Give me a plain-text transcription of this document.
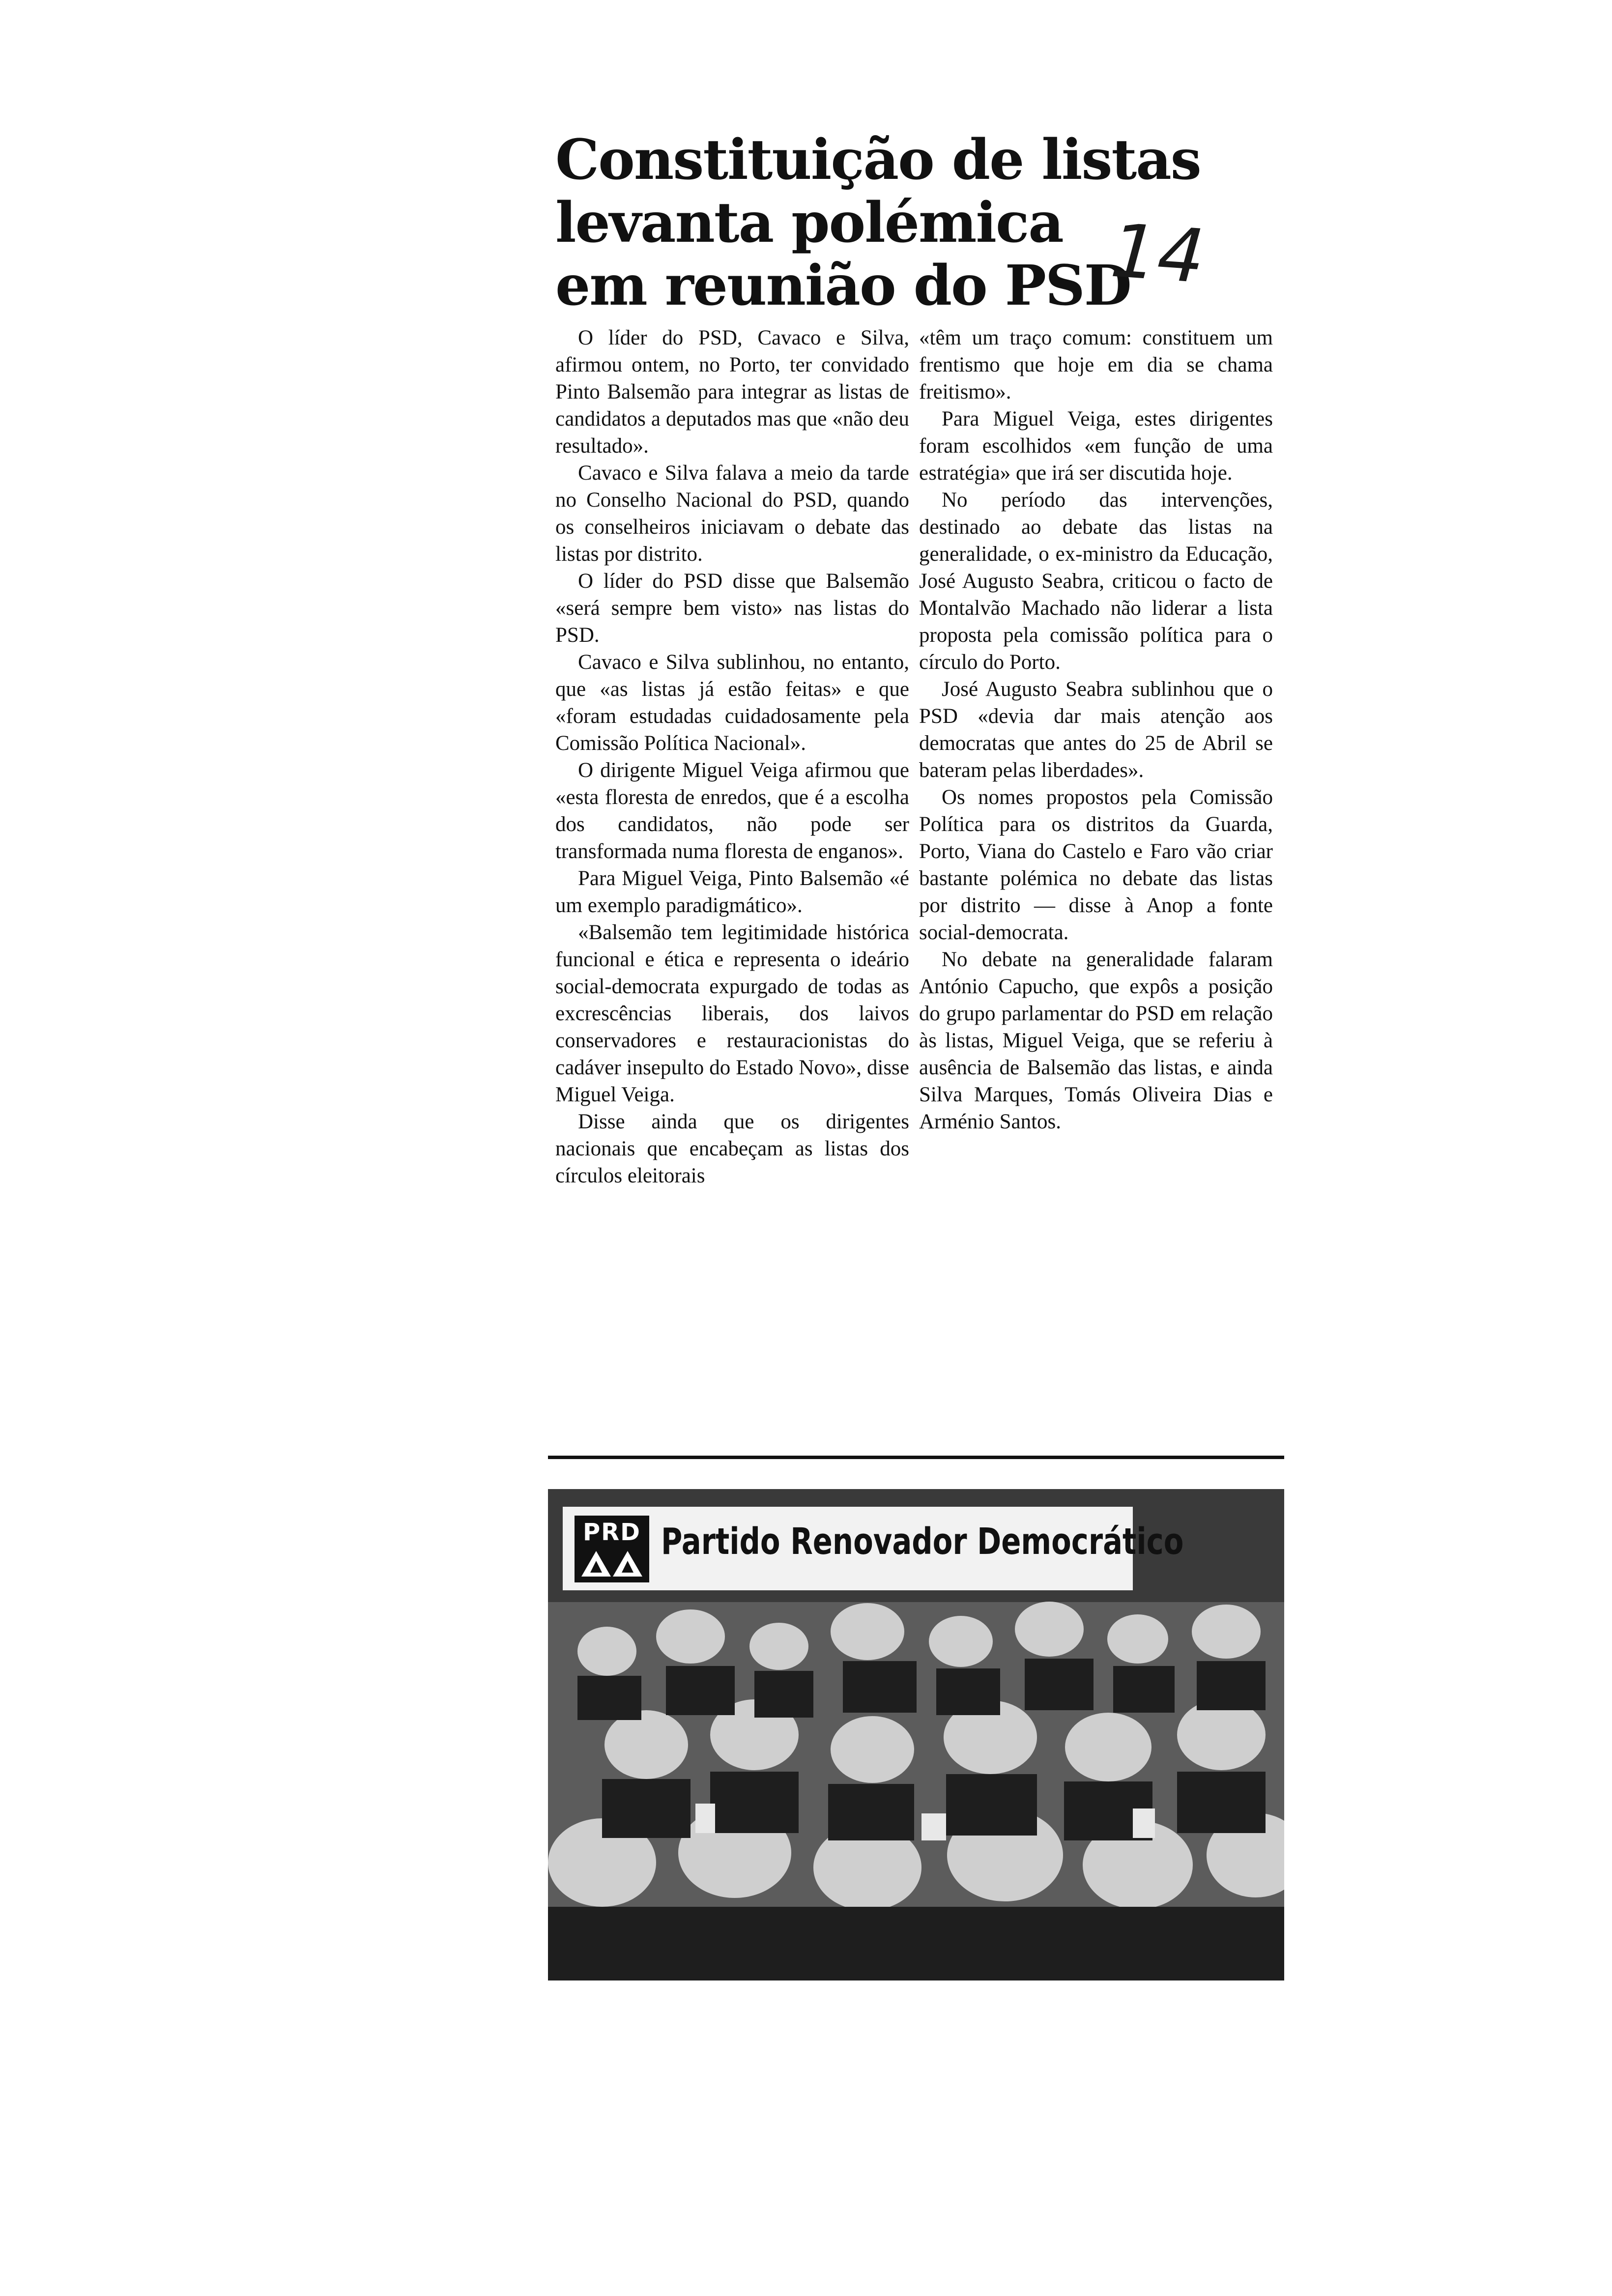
Constituição de listas
levanta polémica
em reunião do PSD
14

O líder do PSD, Cavaco e Silva, afirmou ontem, no Porto, ter convidado Pinto Balsemão para integrar as listas de candidatos a deputados mas que «não deu resultado».

Cavaco e Silva falava a meio da tarde no Conselho Nacional do PSD, quando os conselheiros iniciavam o debate das listas por distrito.

O líder do PSD disse que Balsemão «será sempre bem visto» nas listas do PSD.

Cavaco e Silva sublinhou, no entanto, que «as listas já estão feitas» e que «foram estudadas cuidadosamente pela Comissão Política Nacional».

O dirigente Miguel Veiga afirmou que «esta floresta de enredos, que é a escolha dos candidatos, não pode ser transformada numa floresta de enganos».

Para Miguel Veiga, Pinto Balsemão «é um exemplo paradigmático».

«Balsemão tem legitimidade histórica funcional e ética e representa o ideário social-democrata expurgado de todas as excrescências liberais, dos laivos conservadores e restauracionistas do cadáver insepulto do Estado Novo», disse Miguel Veiga.

Disse ainda que os dirigentes nacionais que encabeçam as listas dos círculos eleitorais

«têm um traço comum: constituem um frentismo que hoje em dia se chama freitismo».

Para Miguel Veiga, estes dirigentes foram escolhidos «em função de uma estratégia» que irá ser discutida hoje.

No período das intervenções, destinado ao debate das listas na generalidade, o ex-ministro da Educação, José Augusto Seabra, criticou o facto de Montalvão Machado não liderar a lista proposta pela comissão política para o círculo do Porto.

José Augusto Seabra sublinhou que o PSD «devia dar mais atenção aos democratas que antes do 25 de Abril se bateram pelas liberdades».

Os nomes propostos pela Comissão Política para os distritos da Guarda, Porto, Viana do Castelo e Faro vão criar bastante polémica no debate das listas por distrito — disse à Anop a fonte social-democrata.

No debate na generalidade falaram António Capucho, que expôs a posição do grupo parlamentar do PSD em relação às listas, Miguel Veiga, que se referiu à ausência de Balsemão das listas, e ainda Silva Marques, Tomás Oliveira Dias e Arménio Santos.

PRD Partido Renovador Democrático
